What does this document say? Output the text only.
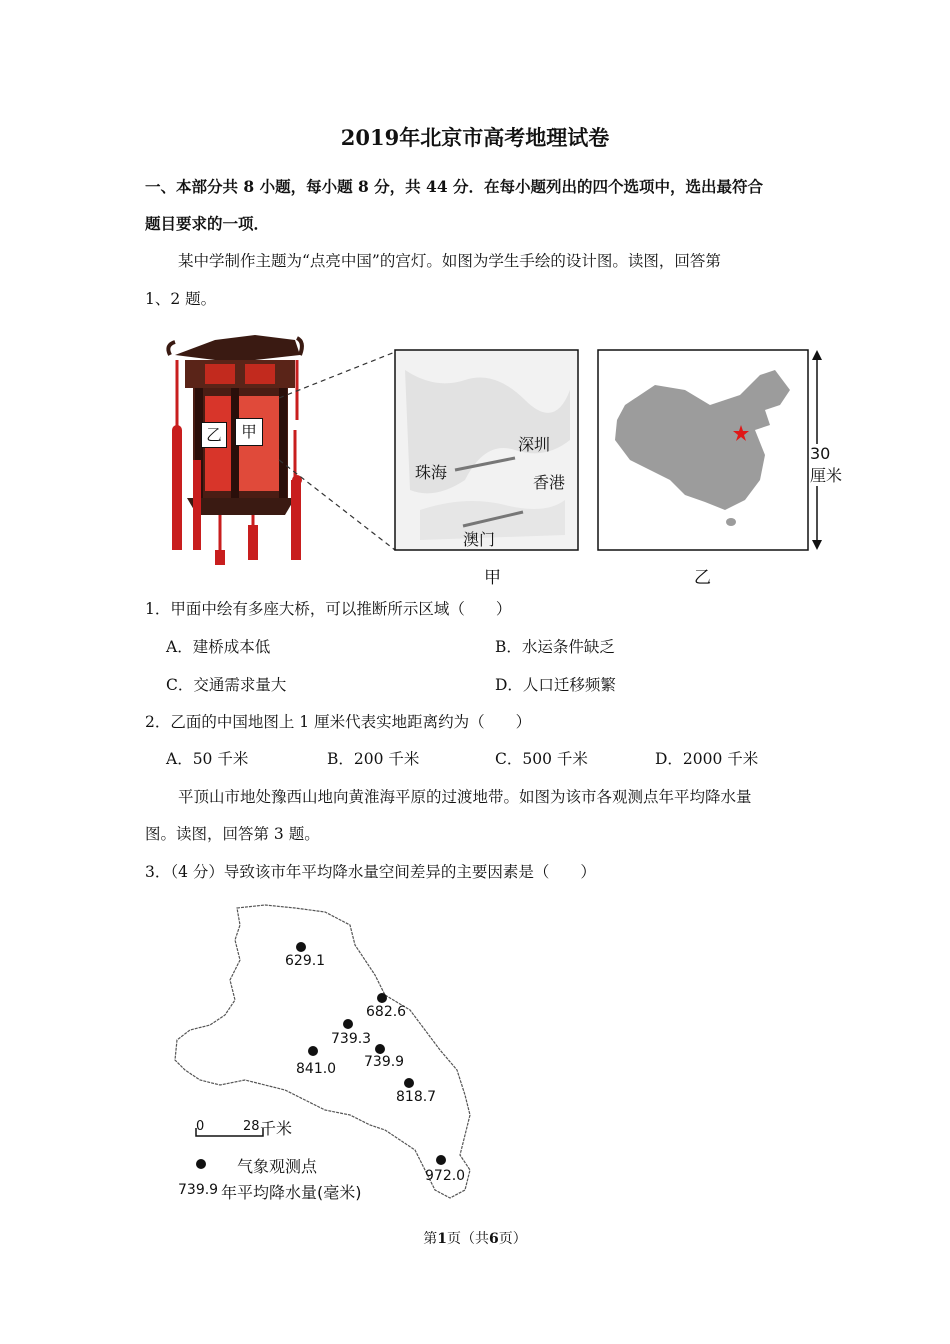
2019年北京市高考地理试卷
一、本部分共 8 小题，每小题 8 分，共 44 分．在每小题列出的四个选项中，选出最符合
题目要求的一项．
某中学制作主题为“点亮中国”的宫灯。如图为学生手绘的设计图。读图，回答第
1、2 题。
乙	甲
深圳
珠海
香港
澳门
30厘米
甲	乙
1．甲面中绘有多座大桥，可以推断所示区域（　　）
A．建桥成本低	B．水运条件缺乏
C．交通需求量大	D．人口迁移频繁
2．乙面的中国地图上 1 厘米代表实地距离约为（　　）
A．50 千米	B．200 千米	C．500 千米	D．2000 千米
平顶山市地处豫西山地向黄淮海平原的过渡地带。如图为该市各观测点年平均降水量
图。读图，回答第 3 题。
3．（4 分）导致该市年平均降水量空间差异的主要因素是（　　）
629.1
682.6
739.3
739.9
841.0
818.7
972.0
0	28 千米
气象观测点
739.9 年平均降水量(毫米)
第1页（共6页）
